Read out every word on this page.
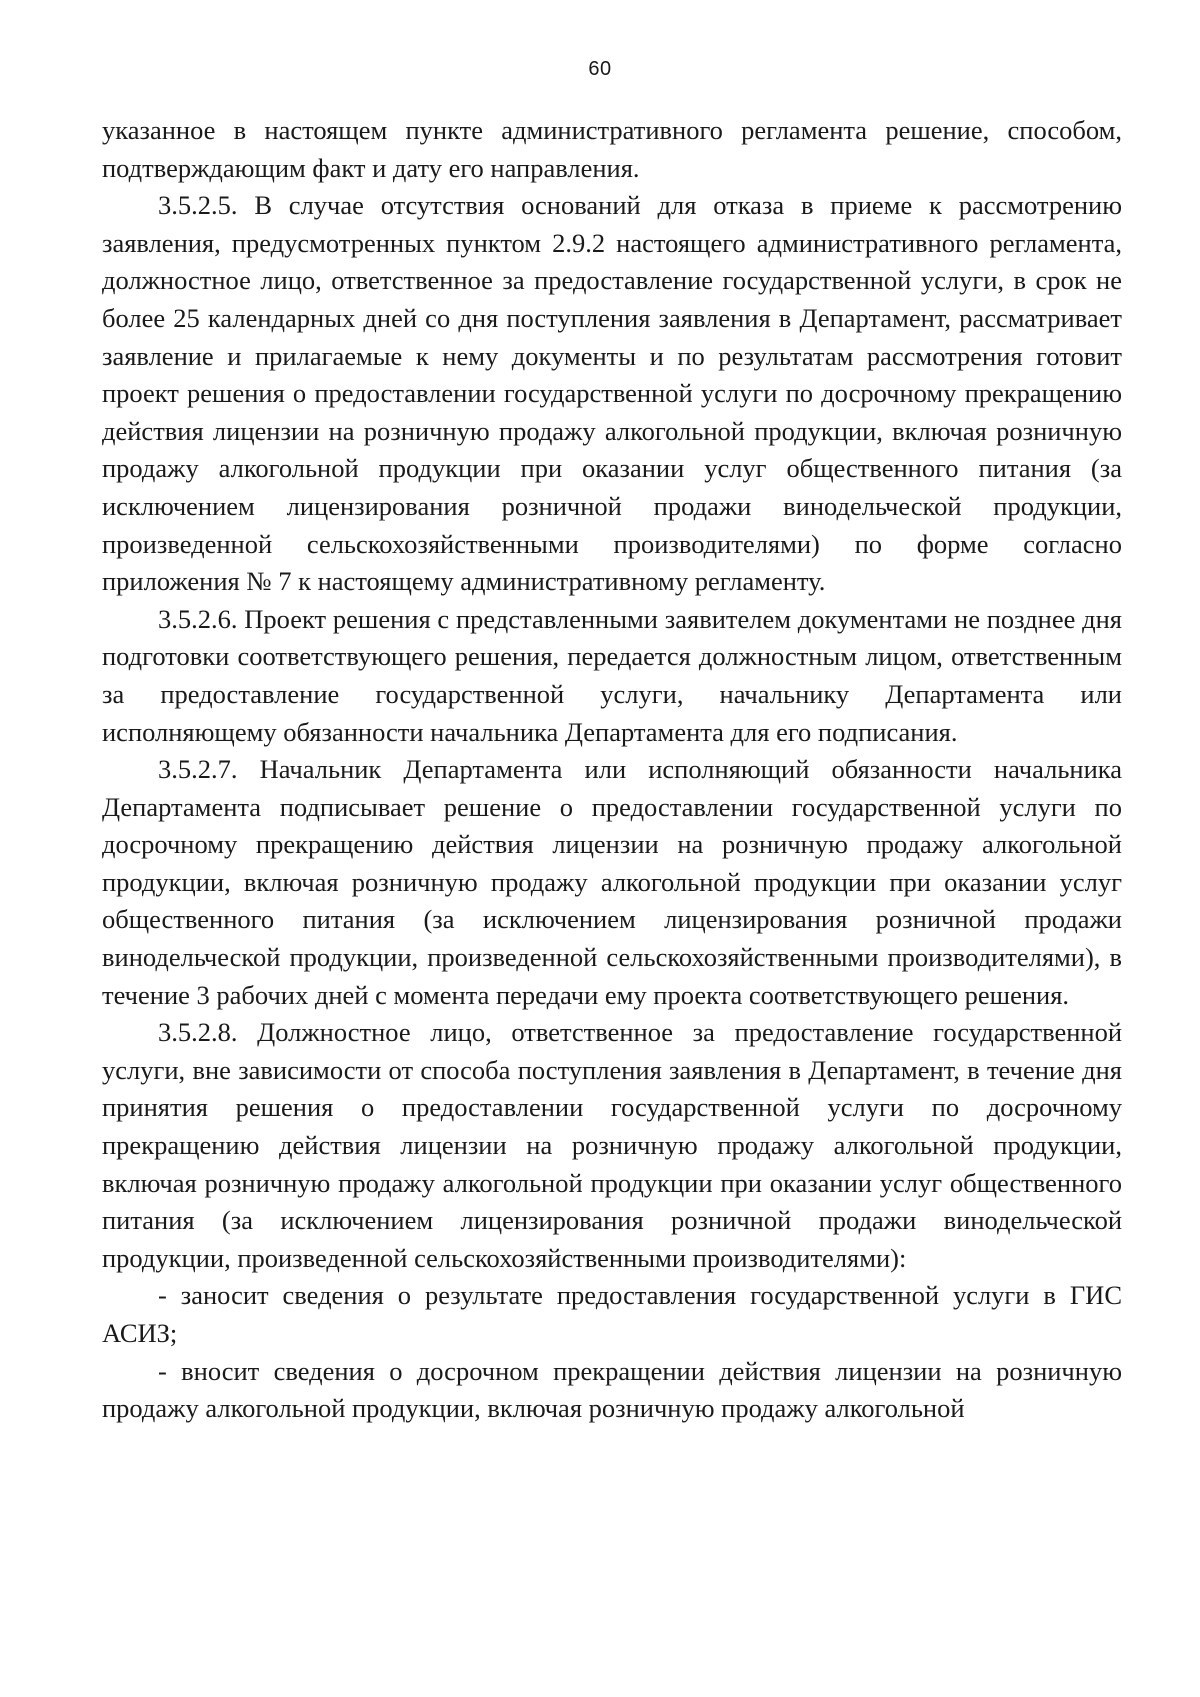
60

указанное в настоящем пункте административного регламента решение, способом, подтверждающим факт и дату его направления.

3.5.2.5. В случае отсутствия оснований для отказа в приеме к рассмотрению заявления, предусмотренных пунктом 2.9.2 настоящего административного регламента, должностное лицо, ответственное за предоставление государственной услуги, в срок не более 25 календарных дней со дня поступления заявления в Департамент, рассматривает заявление и прилагаемые к нему документы и по результатам рассмотрения готовит проект решения о предоставлении государственной услуги по досрочному прекращению действия лицензии на розничную продажу алкогольной продукции, включая розничную продажу алкогольной продукции при оказании услуг общественного питания (за исключением лицензирования розничной продажи винодельческой продукции, произведенной сельскохозяйственными производителями) по форме согласно приложения № 7 к настоящему административному регламенту.

3.5.2.6. Проект решения с представленными заявителем документами не позднее дня подготовки соответствующего решения, передается должностным лицом, ответственным за предоставление государственной услуги, начальнику Департамента или исполняющему обязанности начальника Департамента для его подписания.

3.5.2.7. Начальник Департамента или исполняющий обязанности начальника Департамента подписывает решение о предоставлении государственной услуги по досрочному прекращению действия лицензии на розничную продажу алкогольной продукции, включая розничную продажу алкогольной продукции при оказании услуг общественного питания (за исключением лицензирования розничной продажи винодельческой продукции, произведенной сельскохозяйственными производителями), в течение 3 рабочих дней с момента передачи ему проекта соответствующего решения.

3.5.2.8. Должностное лицо, ответственное за предоставление государственной услуги, вне зависимости от способа поступления заявления в Департамент, в течение дня принятия решения о предоставлении государственной услуги по досрочному прекращению действия лицензии на розничную продажу алкогольной продукции, включая розничную продажу алкогольной продукции при оказании услуг общественного питания (за исключением лицензирования розничной продажи винодельческой продукции, произведенной сельскохозяйственными производителями):

- заносит сведения о результате предоставления государственной услуги в ГИС АСИЗ;

- вносит сведения о досрочном прекращении действия лицензии на розничную продажу алкогольной продукции, включая розничную продажу алкогольной
